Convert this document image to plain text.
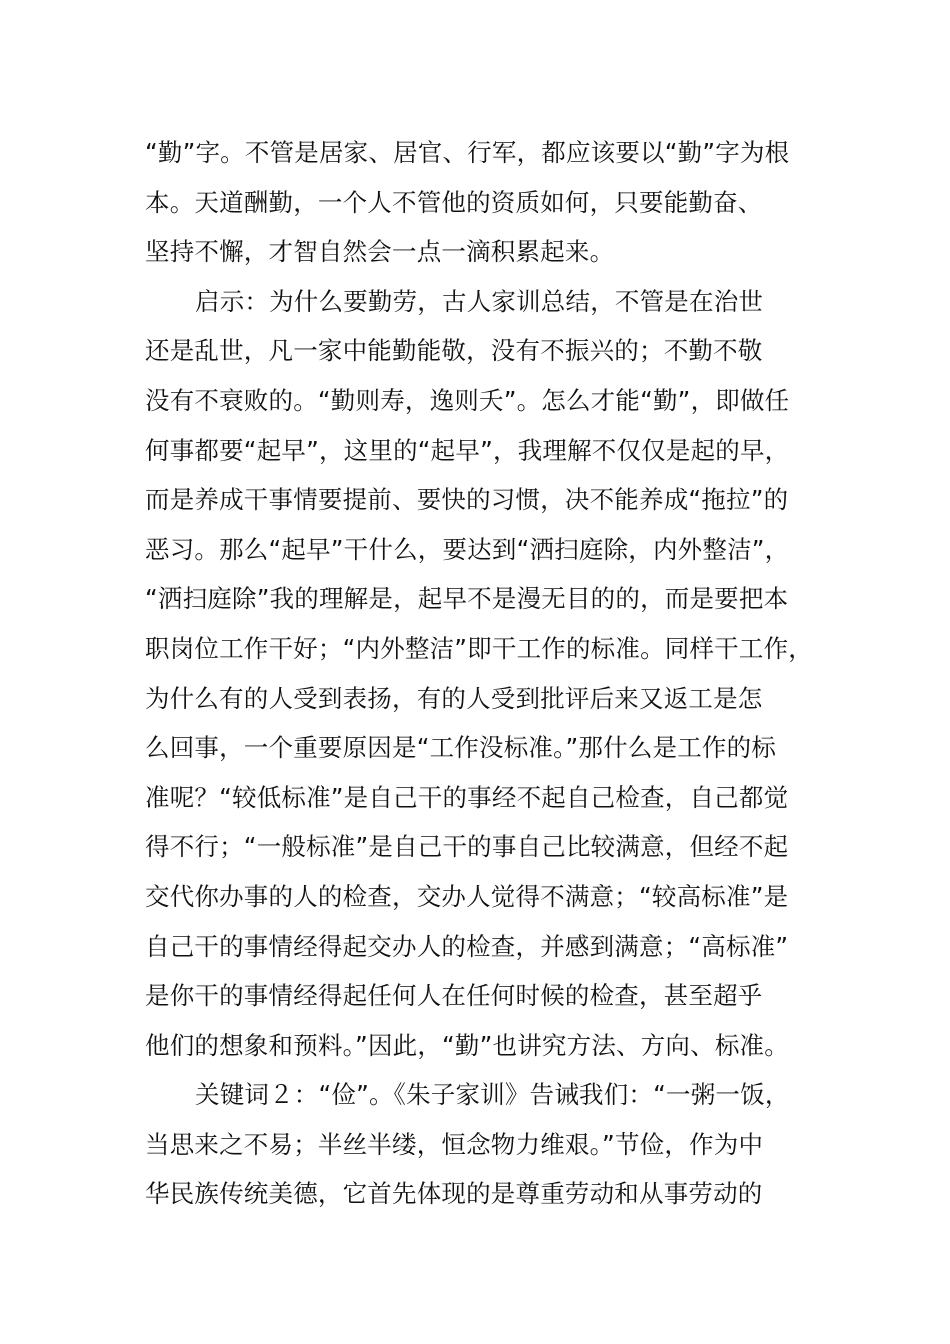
“勤”字。不管是居家、居官、行军，都应该要以“勤”字为根
本。天道酬勤，一个人不管他的资质如何，只要能勤奋、
坚持不懈，才智自然会一点一滴积累起来。
启示：为什么要勤劳，古人家训总结，不管是在治世
还是乱世，凡一家中能勤能敬，没有不振兴的；不勤不敬
没有不衰败的。“勤则寿，逸则夭”。怎么才能“勤”，即做任
何事都要“起早”，这里的“起早”，我理解不仅仅是起的早，
而是养成干事情要提前、要快的习惯，决不能养成“拖拉”的
恶习。那么“起早”干什么，要达到“洒扫庭除，内外整洁”，
“洒扫庭除”我的理解是，起早不是漫无目的的，而是要把本
职岗位工作干好；“内外整洁”即干工作的标准。同样干工作，
为什么有的人受到表扬，有的人受到批评后来又返工是怎
么回事，一个重要原因是“工作没标准。”那什么是工作的标
准呢？“较低标准”是自己干的事经不起自己检查，自己都觉
得不行；“一般标准”是自己干的事自己比较满意，但经不起
交代你办事的人的检查，交办人觉得不满意；“较高标准”是
自己干的事情经得起交办人的检查，并感到满意；“高标准”
是你干的事情经得起任何人在任何时候的检查，甚至超乎
他们的想象和预料。”因此，“勤”也讲究方法、方向、标准。
关键词２：“俭”。《朱子家训》告诫我们：“一粥一饭，
当思来之不易；半丝半缕，恒念物力维艰。”节俭，作为中
华民族传统美德，它首先体现的是尊重劳动和从事劳动的
